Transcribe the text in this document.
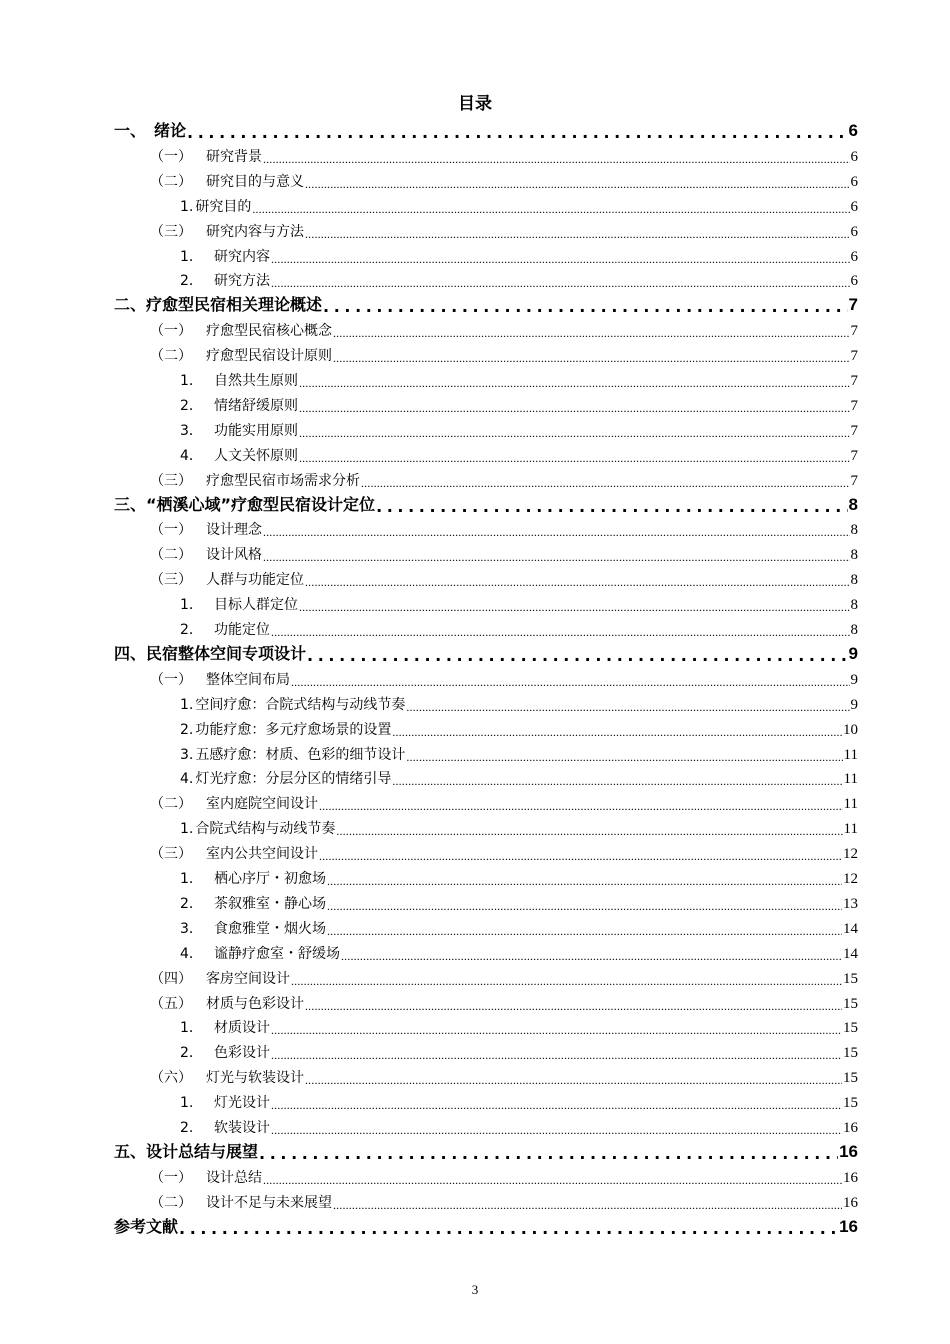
目录
一、　绪论 .....	6
（一） 研究背景 .....	6
（二） 研究目的与意义 .....	6
1. 研究目的 .....	6
（三） 研究内容与方法 .....	6
1． 研究内容 .....	6
2． 研究方法 .....	6
二、疗愈型民宿相关理论概述 .....	7
（一） 疗愈型民宿核心概念 .....	7
（二） 疗愈型民宿设计原则 .....	7
1． 自然共生原则 .....	7
2． 情绪舒缓原则 .....	7
3． 功能实用原则 .....	7
4． 人文关怀原则 .....	7
（三） 疗愈型民宿市场需求分析 .....	7
三、“栖溪心域”疗愈型民宿设计定位 .....	8
（一） 设计理念 .....	8
（二） 设计风格 .....	8
（三） 人群与功能定位 .....	8
1． 目标人群定位 .....	8
2． 功能定位 .....	8
四、民宿整体空间专项设计 .....	9
（一） 整体空间布局 .....	9
1. 空间疗愈：合院式结构与动线节奏 .....	9
2. 功能疗愈：多元疗愈场景的设置 .....	10
3. 五感疗愈：材质、色彩的细节设计 .....	11
4. 灯光疗愈：分层分区的情绪引导 .....	11
（二） 室内庭院空间设计 .....	11
1. 合院式结构与动线节奏 .....	11
（三） 室内公共空间设计 .....	12
1． 栖心序厅・初愈场 .....	12
2． 茶叙雅室・静心场 .....	13
3． 食愈雅堂・烟火场 .....	14
4． 谧静疗愈室・舒缓场 .....	14
（四） 客房空间设计 .....	15
（五） 材质与色彩设计 .....	15
1． 材质设计 .....	15
2． 色彩设计 .....	15
（六） 灯光与软装设计 .....	15
1. 灯光设计 .....	15
2. 软装设计 .....	16
五、设计总结与展望 .....	16
（一） 设计总结 .....	16
（二） 设计不足与未来展望 .....	16
参考文献 .....	16
3
